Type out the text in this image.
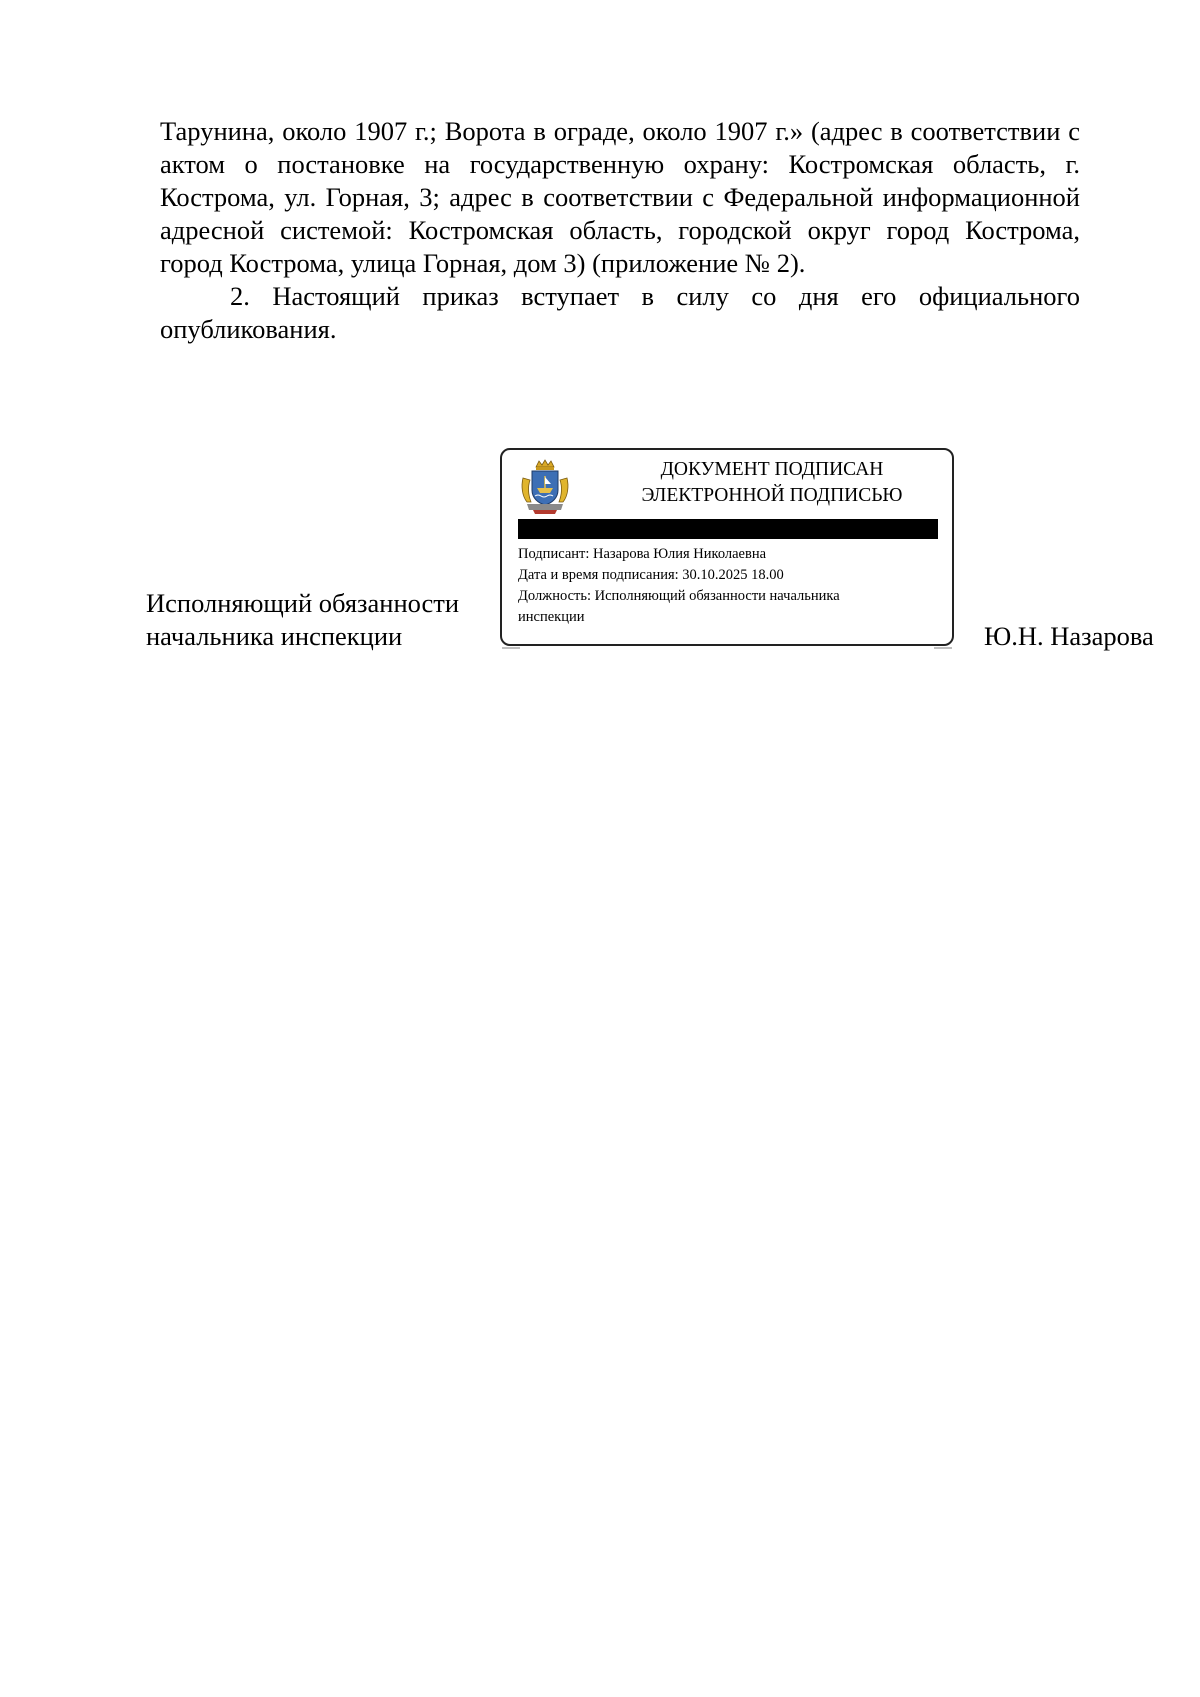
Тарунина, около 1907 г.; Ворота в ограде, около 1907 г.» (адрес в соответствии с актом о постановке на государственную охрану: Костромская область, г. Кострома, ул. Горная, 3; адрес в соответствии с Федеральной информационной адресной системой: Костромская область, городской округ город Кострома, город Кострома, улица Горная, дом 3) (приложение № 2).

2. Настоящий приказ вступает в силу со дня его официального опубликования.

Исполняющий обязанности
начальника инспекции
ДОКУМЕНТ ПОДПИСАН
ЭЛЕКТРОННОЙ ПОДПИСЬЮ
Подписант: Назарова Юлия Николаевна
Дата и время подписания: 30.10.2025 18.00
Должность: Исполняющий обязанности начальника
инспекции
Ю.Н. Назарова
